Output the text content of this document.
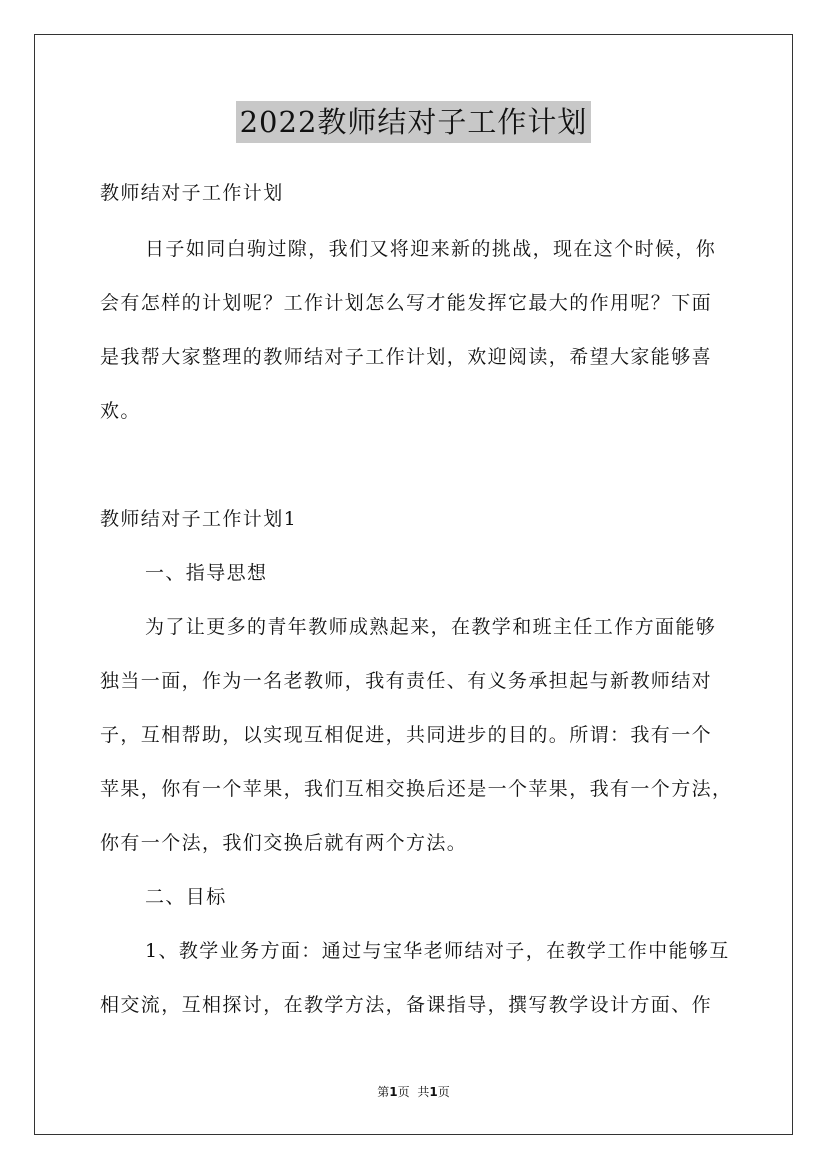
2022教师结对子工作计划
教师结对子工作计划
日子如同白驹过隙，我们又将迎来新的挑战，现在这个时候，你
会有怎样的计划呢？工作计划怎么写才能发挥它最大的作用呢？下面
是我帮大家整理的教师结对子工作计划，欢迎阅读，希望大家能够喜
欢。
教师结对子工作计划1
一、指导思想
为了让更多的青年教师成熟起来，在教学和班主任工作方面能够
独当一面，作为一名老教师，我有责任、有义务承担起与新教师结对
子，互相帮助，以实现互相促进，共同进步的目的。所谓：我有一个
苹果，你有一个苹果，我们互相交换后还是一个苹果，我有一个方法，
你有一个法，我们交换后就有两个方法。
二、目标
1、教学业务方面：通过与宝华老师结对子，在教学工作中能够互
相交流，互相探讨，在教学方法，备课指导，撰写教学设计方面、作
第1页 共1页
